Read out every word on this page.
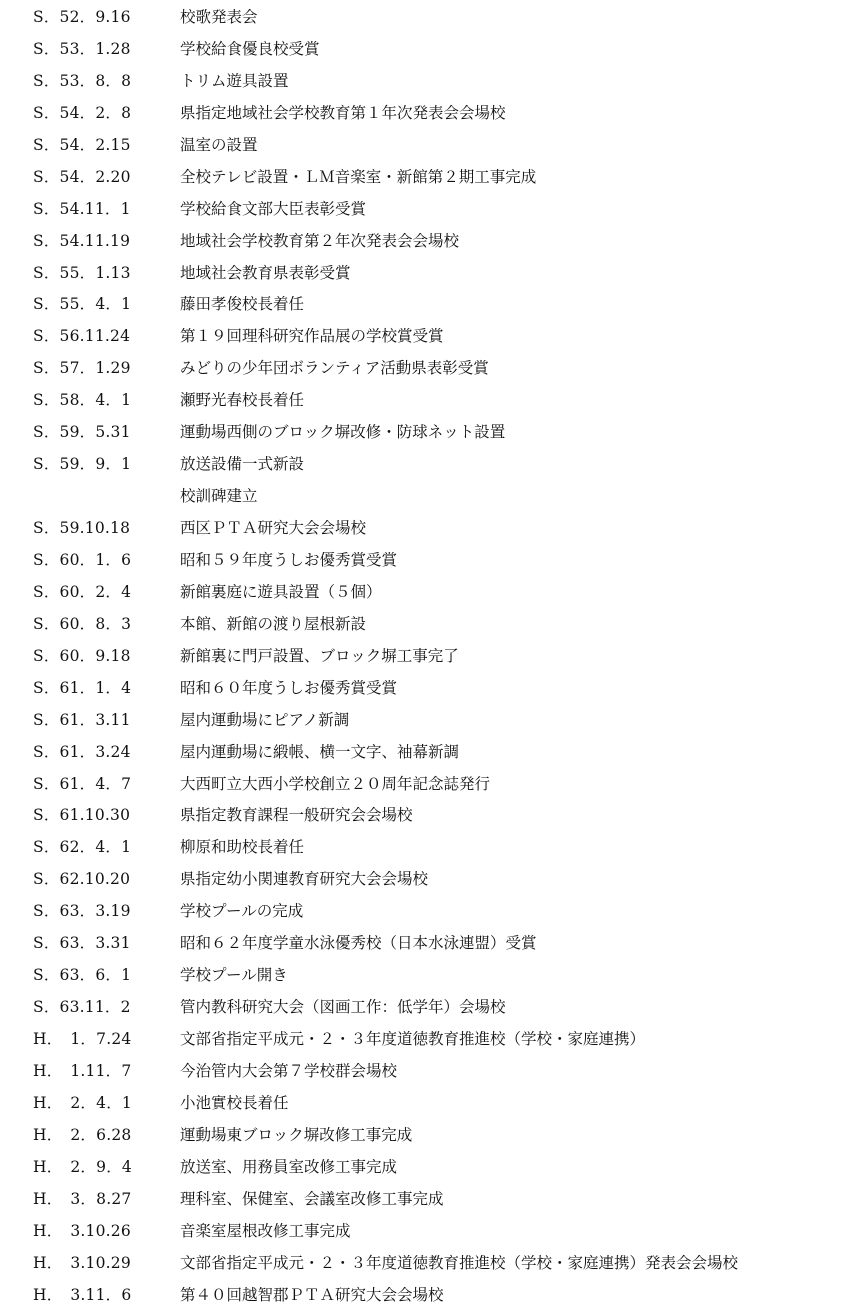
S．52．9.16	校歌発表会
S．53．1.28	学校給食優良校受賞
S．53．8．8	トリム遊具設置
S．54．2．8	県指定地域社会学校教育第１年次発表会会場校
S．54．2.15	温室の設置
S．54．2.20	全校テレビ設置・ＬＭ音楽室・新館第２期工事完成
S．54.11．1	学校給食文部大臣表彰受賞
S．54.11.19	地域社会学校教育第２年次発表会会場校
S．55．1.13	地域社会教育県表彰受賞
S．55．4．1	藤田孝俊校長着任
S．56.11.24	第１９回理科研究作品展の学校賞受賞
S．57．1.29	みどりの少年団ボランティア活動県表彰受賞
S．58．4．1	瀬野光春校長着任
S．59．5.31	運動場西側のブロック塀改修・防球ネット設置
S．59．9．1	放送設備一式新設
校訓碑建立
S．59.10.18	西区ＰＴＡ研究大会会場校
S．60．1．6	昭和５９年度うしお優秀賞受賞
S．60．2．4	新館裏庭に遊具設置（５個）
S．60．8．3	本館、新館の渡り屋根新設
S．60．9.18	新館裏に門戸設置、ブロック塀工事完了
S．61．1．4	昭和６０年度うしお優秀賞受賞
S．61．3.11	屋内運動場にピアノ新調
S．61．3.24	屋内運動場に緞帳、横一文字、袖幕新調
S．61．4．7	大西町立大西小学校創立２０周年記念誌発行
S．61.10.30	県指定教育課程一般研究会会場校
S．62．4．1	柳原和助校長着任
S．62.10.20	県指定幼小関連教育研究大会会場校
S．63．3.19	学校プールの完成
S．63．3.31	昭和６２年度学童水泳優秀校（日本水泳連盟）受賞
S．63．6．1	学校プール開き
S．63.11．2	管内教科研究大会（図画工作：低学年）会場校
H．　1．7.24	文部省指定平成元・２・３年度道徳教育推進校（学校・家庭連携）
H．　1.11．7	今治管内大会第７学校群会場校
H．　2．4．1	小池實校長着任
H．　2．6.28	運動場東ブロック塀改修工事完成
H．　2．9．4	放送室、用務員室改修工事完成
H．　3．8.27	理科室、保健室、会議室改修工事完成
H．　3.10.26	音楽室屋根改修工事完成
H．　3.10.29	文部省指定平成元・２・３年度道徳教育推進校（学校・家庭連携）発表会会場校
H．　3.11．6	第４０回越智郡ＰＴＡ研究大会会場校
